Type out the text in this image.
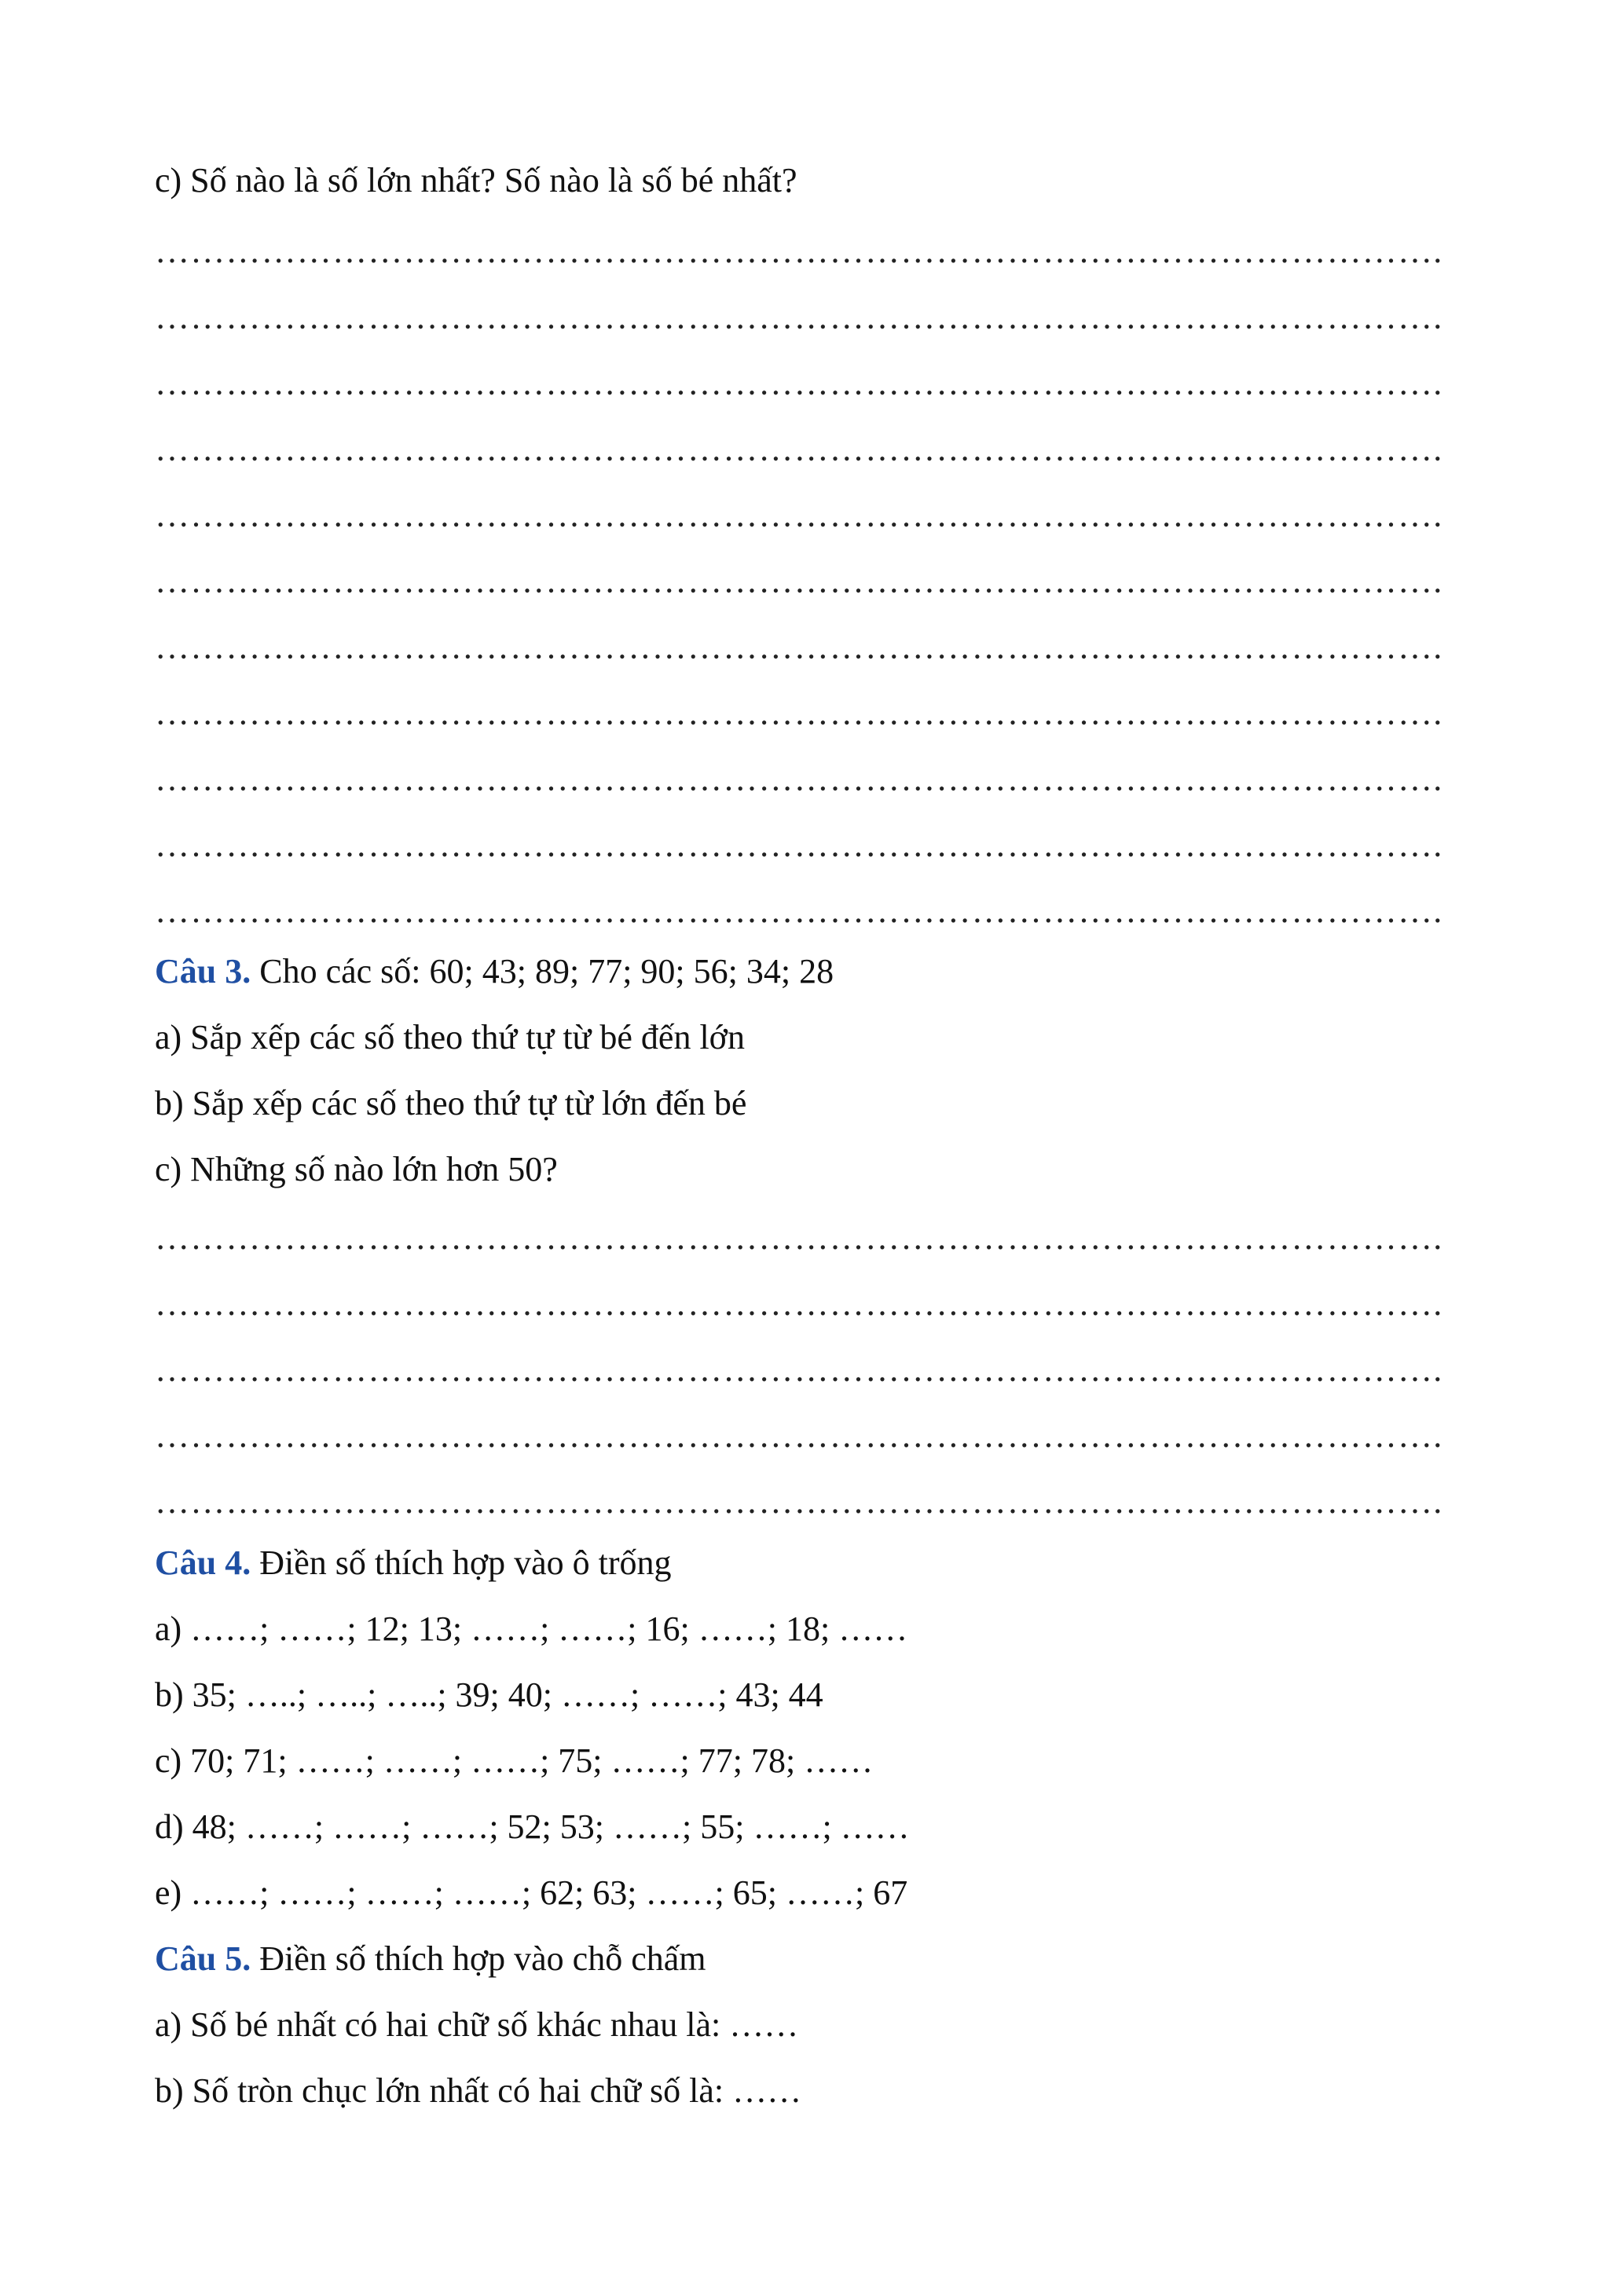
c) Số nào là số lớn nhất? Số nào là số bé nhất?

……………………………………………………………………………………………….
……………………………………………………………………………………………….
……………………………………………………………………………………………….
……………………………………………………………………………………………….
……………………………………………………………………………………………….
……………………………………………………………………………………………….
……………………………………………………………………………………………….
……………………………………………………………………………………………….
……………………………………………………………………………………………….
……………………………………………………………………………………………….
……………………………………………………………………………………………….

Câu 3. Cho các số: 60; 43; 89; 77; 90; 56; 34; 28

a) Sắp xếp các số theo thứ tự từ bé đến lớn

b) Sắp xếp các số theo thứ tự từ lớn đến bé

c) Những số nào lớn hơn 50?

……………………………………………………………………………………………….
……………………………………………………………………………………………….
……………………………………………………………………………………………….
……………………………………………………………………………………………….
……………………………………………………………………………………………….

Câu 4. Điền số thích hợp vào ô trống

a) ……; ……; 12; 13; ……; ……; 16; ……; 18; ……

b) 35; …..; …..; …..; 39; 40; ……; ……; 43; 44

c) 70; 71; ……; ……; ……; 75; ……; 77; 78; ……

d) 48; ……; ……; ……; 52; 53; ……; 55; ……; ……

e) ……; ……; ……; ……; 62; 63; ……; 65; ……; 67

Câu 5. Điền số thích hợp vào chỗ chấm

a) Số bé nhất có hai chữ số khác nhau là: ……

b) Số tròn chục lớn nhất có hai chữ số là: ……
